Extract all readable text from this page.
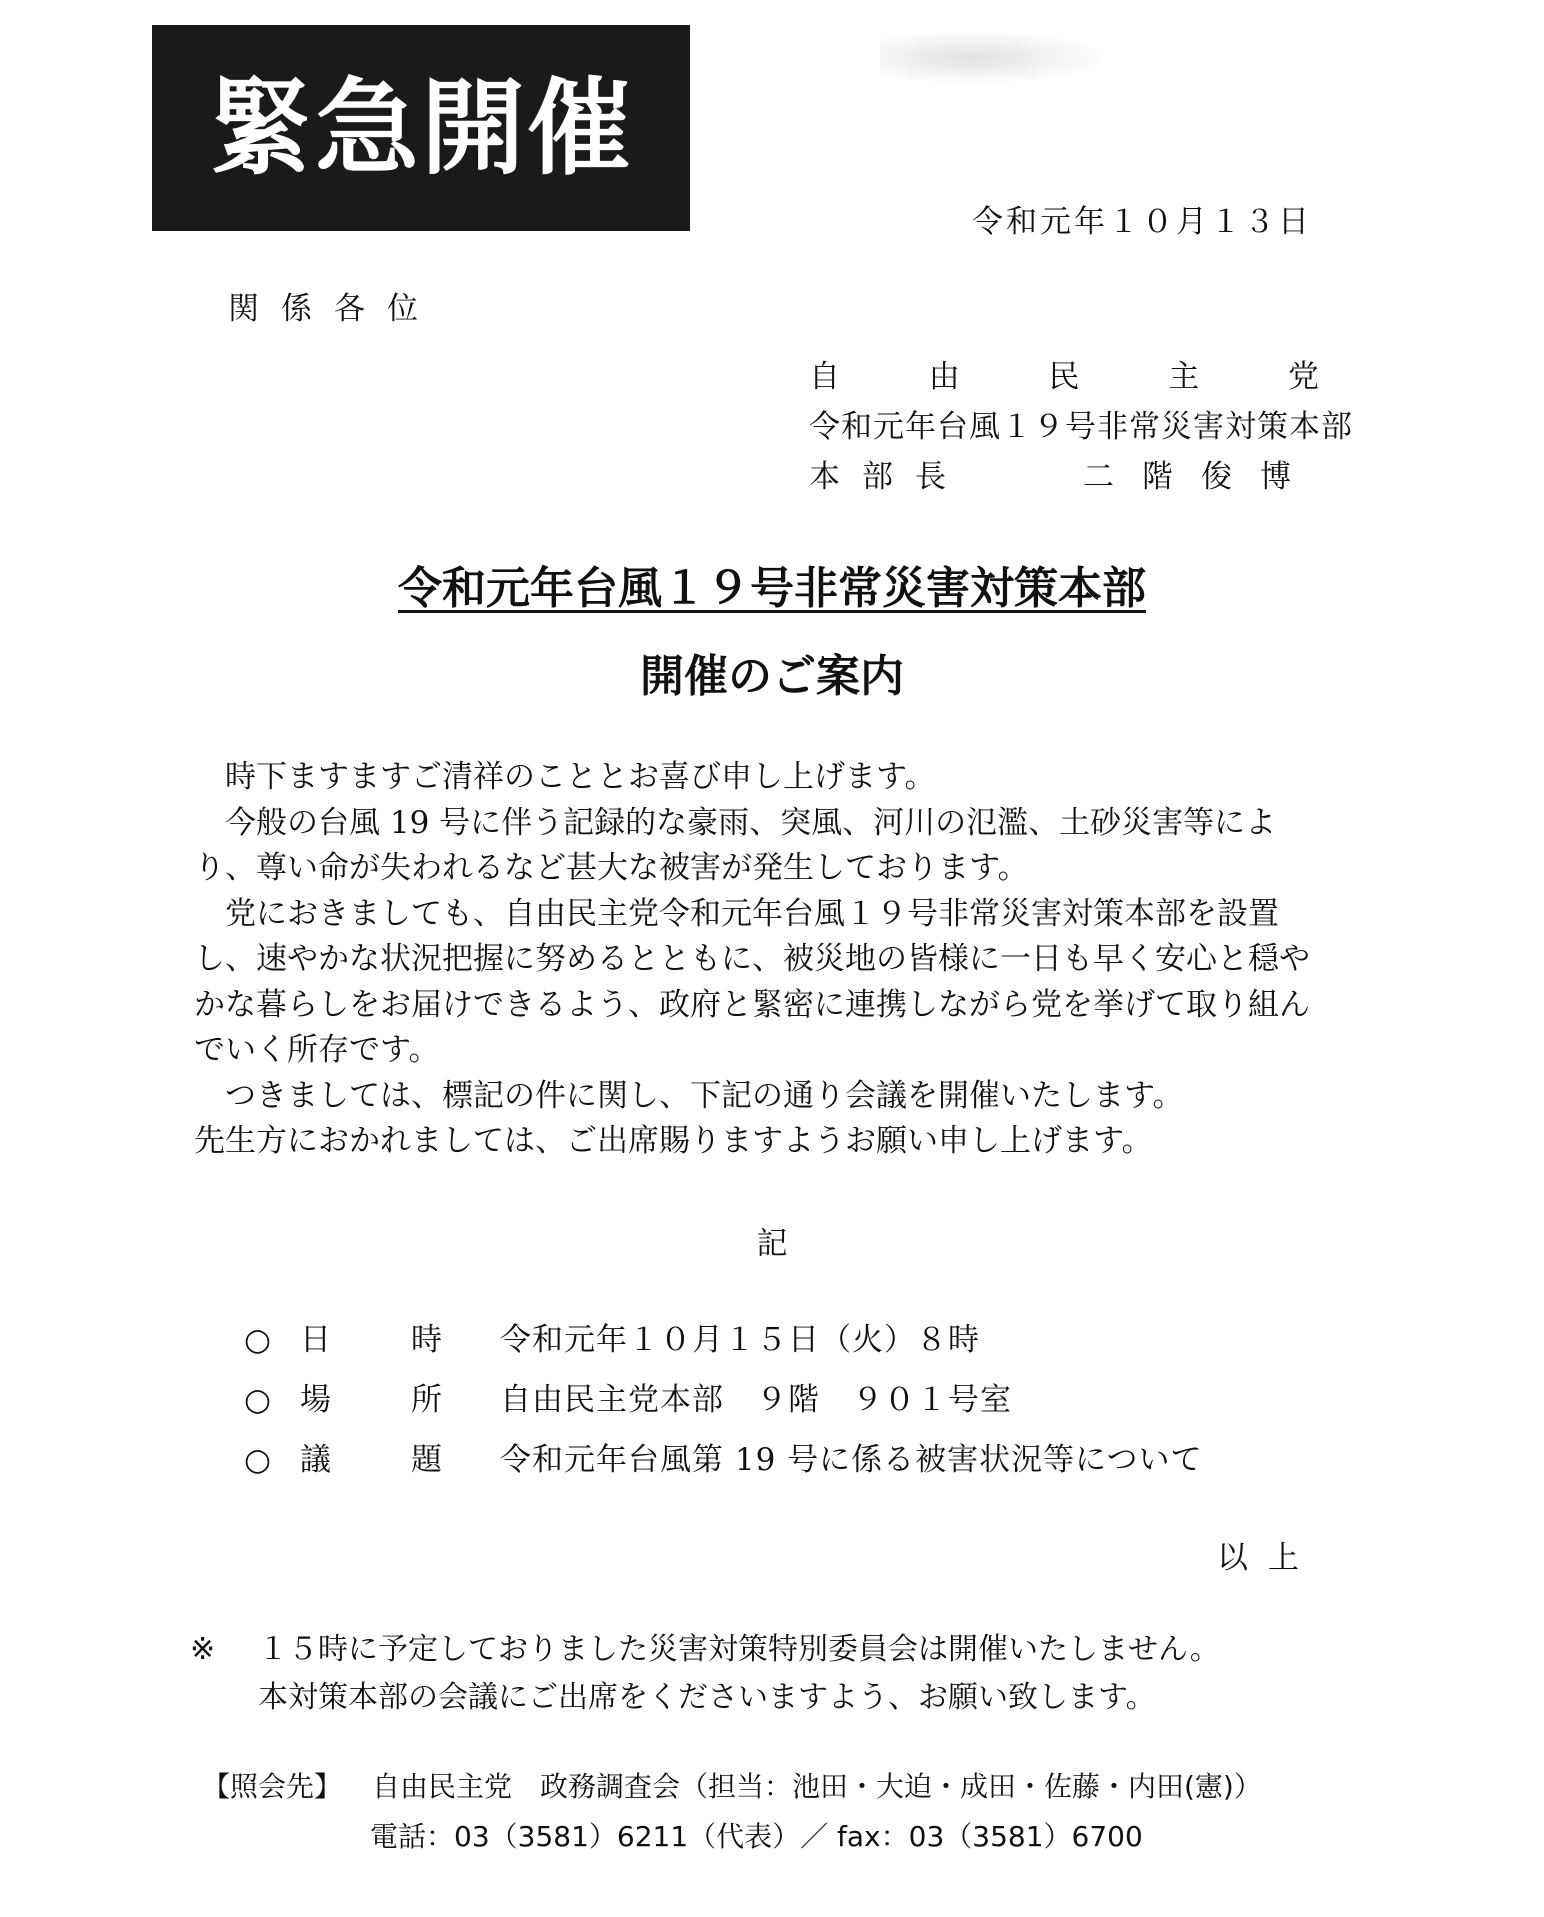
緊急開催
令和元年１０月１３日
関係各位
自	由	民	主	党
令和元年台風１９号非常災害対策本部
本部長	二階俊博
令和元年台風１９号非常災害対策本部
開催のご案内

時下ますますご清祥のこととお喜び申し上げます。

今般の台風 19 号に伴う記録的な豪雨、突風、河川の氾濫、土砂災害等により、尊い命が失われるなど甚大な被害が発生しております。

党におきましても、自由民主党令和元年台風１９号非常災害対策本部を設置し、速やかな状況把握に努めるとともに、被災地の皆様に一日も早く安心と穏やかな暮らしをお届けできるよう、政府と緊密に連携しながら党を挙げて取り組んでいく所存です。

つきましては、標記の件に関し、下記の通り会議を開催いたします。

先生方におかれましては、ご出席賜りますようお願い申し上げます。

記
○ 日	時 令和元年１０月１５日（火）８時
○ 場	所 自由民主党本部　９階　９０１号室
○ 議	題 令和元年台風第 19 号に係る被害状況等について
以上
※ １５時に予定しておりました災害対策特別委員会は開催いたしません。
本対策本部の会議にご出席をくださいますよう、お願い致します。
【照会先】 自由民主党　政務調査会（担当：池田・大迫・成田・佐藤・内田(憲)）
電話：03（3581）6211（代表）／ fax：03（3581）6700
